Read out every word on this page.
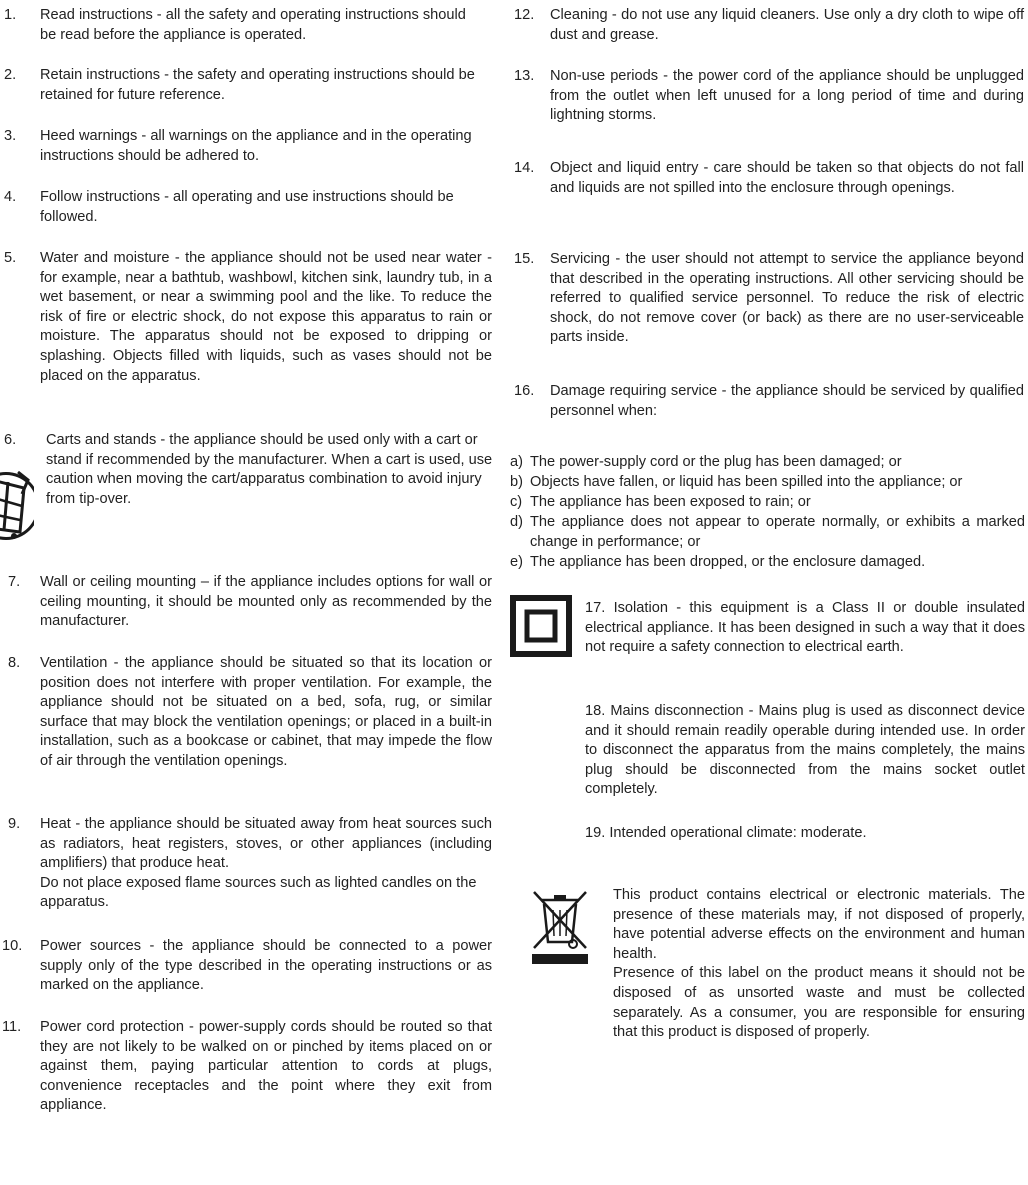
1. Read instructions - all the safety and operating instructions should be read before the appliance is operated.
2. Retain instructions - the safety and operating instructions should be retained for future reference.
3. Heed warnings - all warnings on the appliance and in the operating instructions should be adhered to.
4. Follow instructions - all operating and use instructions should be followed.
5. Water and moisture - the appliance should not be used near water - for example, near a bathtub, washbowl, kitchen sink, laundry tub, in a wet basement, or near a swimming pool and the like. To reduce the risk of fire or electric shock, do not expose this apparatus to rain or moisture. The apparatus should not be exposed to dripping or splashing. Objects filled with liquids, such as vases should not be placed on the apparatus.
6. Carts and stands - the appliance should be used only with a cart or stand if recommended by the manufacturer. When a cart is used, use caution when moving the cart/apparatus combination to avoid injury from tip-over.
7. Wall or ceiling mounting – if the appliance includes options for wall or ceiling mounting, it should be mounted only as recommended by the manufacturer.
8. Ventilation - the appliance should be situated so that its location or position does not interfere with proper ventilation. For example, the appliance should not be situated on a bed, sofa, rug, or similar surface that may block the ventilation openings; or placed in a built-in installation, such as a bookcase or cabinet, that may impede the flow of air through the ventilation openings.
9. Heat - the appliance should be situated away from heat sources such as radiators, heat registers, stoves, or other appliances (including amplifiers) that produce heat.

Do not place exposed flame sources such as lighted candles on the apparatus.

10. Power sources - the appliance should be connected to a power supply only of the type described in the operating instructions or as marked on the appliance.
11. Power cord protection - power-supply cords should be routed so that they are not likely to be walked on or pinched by items placed on or against them, paying particular attention to cords at plugs, convenience receptacles and the point where they exit from appliance.
12. Cleaning - do not use any liquid cleaners. Use only a dry cloth to wipe off dust and grease.
13. Non-use periods - the power cord of the appliance should be unplugged from the outlet when left unused for a long period of time and during lightning storms.
14. Object and liquid entry - care should be taken so that objects do not fall and liquids are not spilled into the enclosure through openings.
15. Servicing - the user should not attempt to service the appliance beyond that described in the operating instructions. All other servicing should be referred to qualified service personnel. To reduce the risk of electric shock, do not remove cover (or back) as there are no user-serviceable parts inside.
16. Damage requiring service - the appliance should be serviced by qualified personnel when:
a) The power-supply cord or the plug has been damaged; or
b) Objects have fallen, or liquid has been spilled into the appliance; or
c) The appliance has been exposed to rain; or
d) The appliance does not appear to operate normally, or exhibits a marked change in performance; or
e) The appliance has been dropped, or the enclosure damaged.
17. Isolation - this equipment is a Class II or double insulated electrical appliance. It has been designed in such a way that it does not require a safety connection to electrical earth.
18. Mains disconnection - Mains plug is used as disconnect device and it should remain readily operable during intended use. In order to disconnect the apparatus from the mains completely, the mains plug should be disconnected from the mains socket outlet completely.
19. Intended operational climate: moderate.

This product contains electrical or electronic materials. The presence of these materials may, if not disposed of properly, have potential adverse effects on the environment and human health.

Presence of this label on the product means it should not be disposed of as unsorted waste and must be collected separately. As a consumer, you are responsible for ensuring that this product is disposed of properly.
